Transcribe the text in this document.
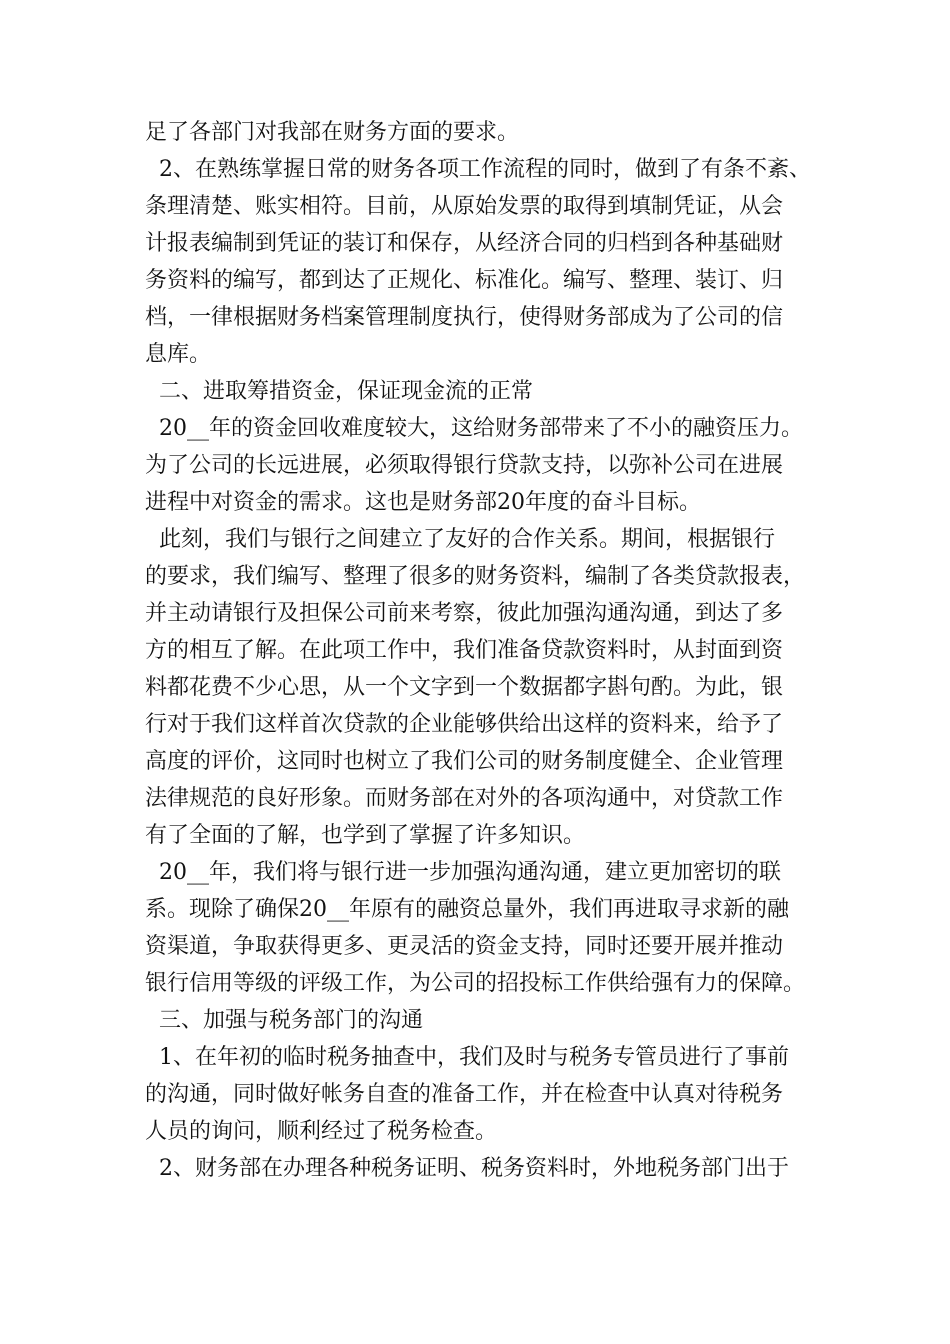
足了各部门对我部在财务方面的要求。
2、在熟练掌握日常的财务各项工作流程的同时，做到了有条不紊、
条理清楚、账实相符。目前，从原始发票的取得到填制凭证，从会
计报表编制到凭证的装订和保存，从经济合同的归档到各种基础财
务资料的编写，都到达了正规化、标准化。编写、整理、装订、归
档，一律根据财务档案管理制度执行，使得财务部成为了公司的信
息库。
二、进取筹措资金，保证现金流的正常
20__年的资金回收难度较大，这给财务部带来了不小的融资压力。
为了公司的长远进展，必须取得银行贷款支持，以弥补公司在进展
进程中对资金的需求。这也是财务部20年度的奋斗目标。
此刻，我们与银行之间建立了友好的合作关系。期间，根据银行
的要求，我们编写、整理了很多的财务资料，编制了各类贷款报表，
并主动请银行及担保公司前来考察，彼此加强沟通沟通，到达了多
方的相互了解。在此项工作中，我们准备贷款资料时，从封面到资
料都花费不少心思，从一个文字到一个数据都字斟句酌。为此，银
行对于我们这样首次贷款的企业能够供给出这样的资料来，给予了
高度的评价，这同时也树立了我们公司的财务制度健全、企业管理
法律规范的良好形象。而财务部在对外的各项沟通中，对贷款工作
有了全面的了解，也学到了掌握了许多知识。
20__年，我们将与银行进一步加强沟通沟通，建立更加密切的联
系。现除了确保20__年原有的融资总量外，我们再进取寻求新的融
资渠道，争取获得更多、更灵活的资金支持，同时还要开展并推动
银行信用等级的评级工作，为公司的招投标工作供给强有力的保障。
三、加强与税务部门的沟通
1、在年初的临时税务抽查中，我们及时与税务专管员进行了事前
的沟通，同时做好帐务自查的准备工作，并在检查中认真对待税务
人员的询问，顺利经过了税务检查。
2、财务部在办理各种税务证明、税务资料时，外地税务部门出于
